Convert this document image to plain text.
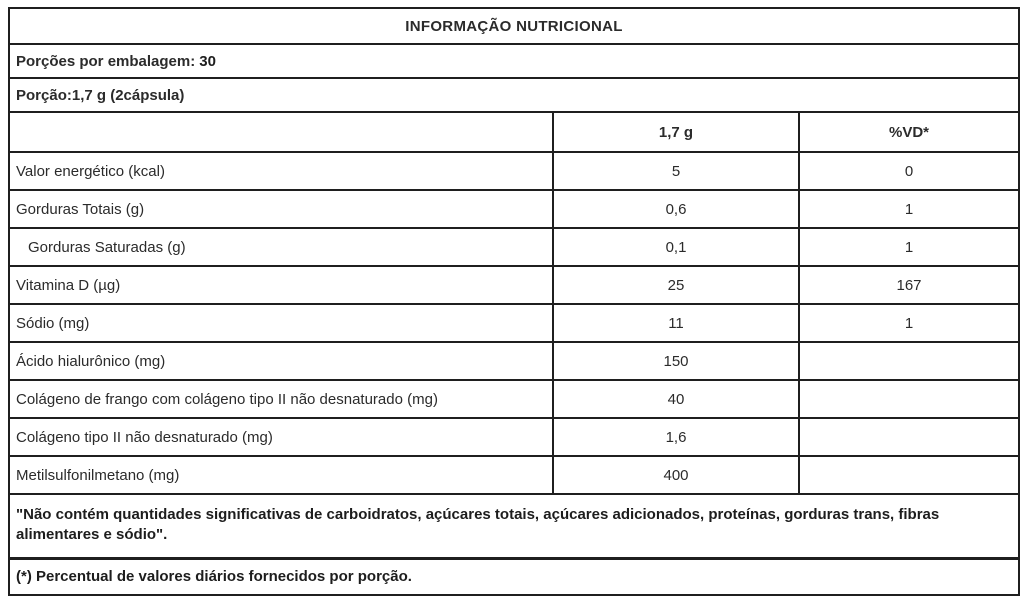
INFORMAÇÃO NUTRICIONAL		
Porções por embalagem: 30		
Porção:1,7 g (2cápsula)		
	1,7 g	%VD*
Valor energético (kcal)	5	0
Gorduras Totais (g)	0,6	1
Gorduras Saturadas (g)	0,1	1
Vitamina D (µg)	25	167
Sódio (mg)	11	1
Ácido hialurônico (mg)	150	
Colágeno de frango com colágeno tipo II não desnaturado (mg)	40	
Colágeno tipo II não desnaturado (mg)	1,6	
Metilsulfonilmetano (mg)	400	
"Não contém quantidades significativas de carboidratos, açúcares totais, açúcares adicionados, proteínas, gorduras trans, fibras alimentares e sódio".		
(*) Percentual de valores diários fornecidos por porção.		
